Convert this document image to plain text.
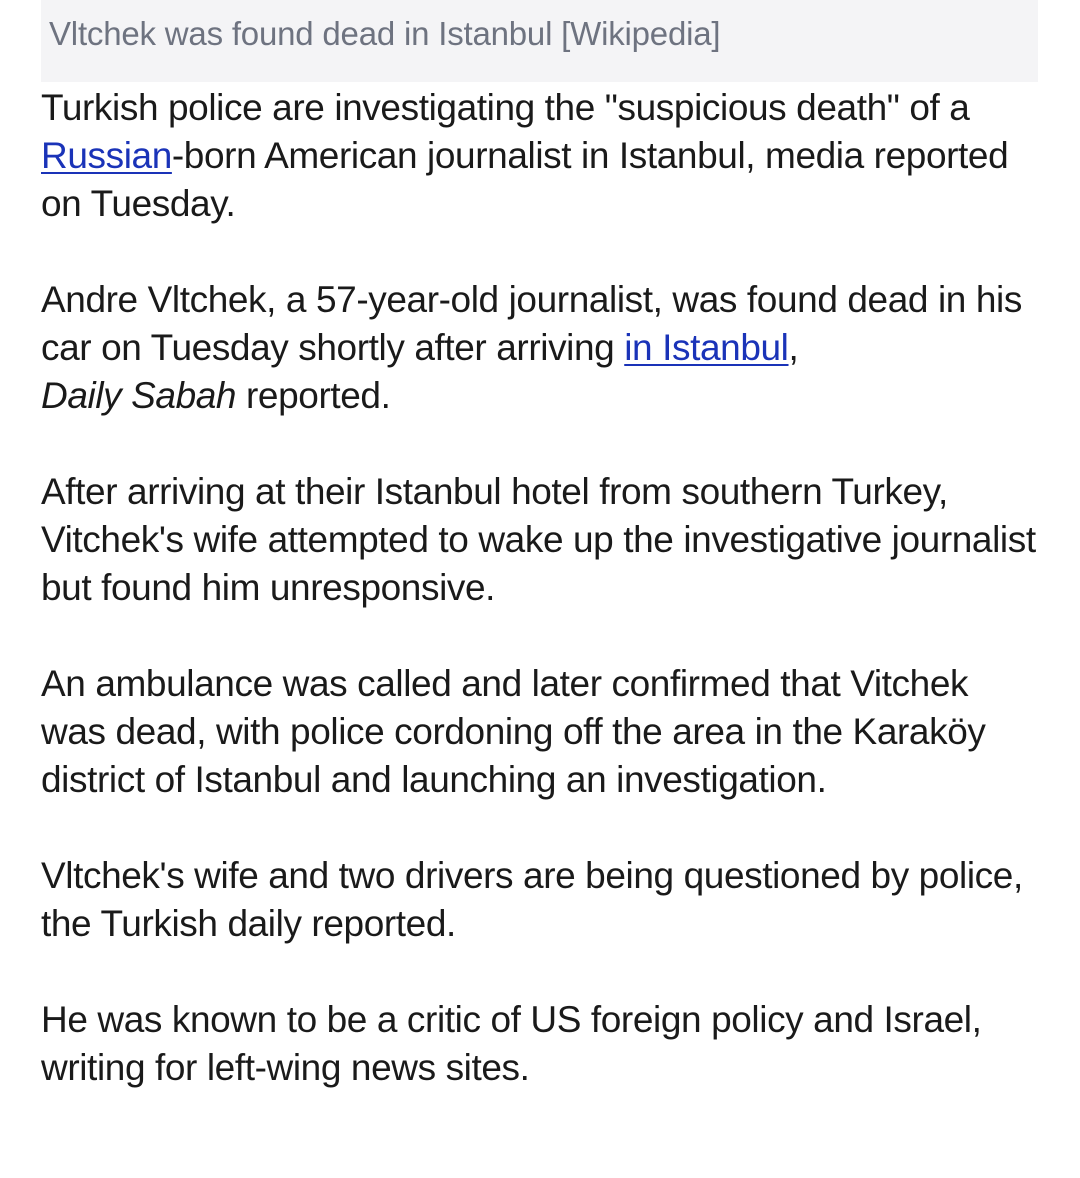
Vltchek was found dead in Istanbul [Wikipedia]

Turkish police are investigating the "suspicious death" of a Russian-born American journalist in Istanbul, media reported on Tuesday.

Andre Vltchek, a 57-year-old journalist, was found dead in his car on Tuesday shortly after arriving in Istanbul,
Daily Sabah reported.

After arriving at their Istanbul hotel from southern Turkey, Vitchek's wife attempted to wake up the investigative journalist but found him unresponsive.

An ambulance was called and later confirmed that Vitchek was dead, with police cordoning off the area in the Karaköy district of Istanbul and launching an investigation.

Vltchek's wife and two drivers are being questioned by police, the Turkish daily reported.

He was known to be a critic of US foreign policy and Israel, writing for left-wing news sites.
